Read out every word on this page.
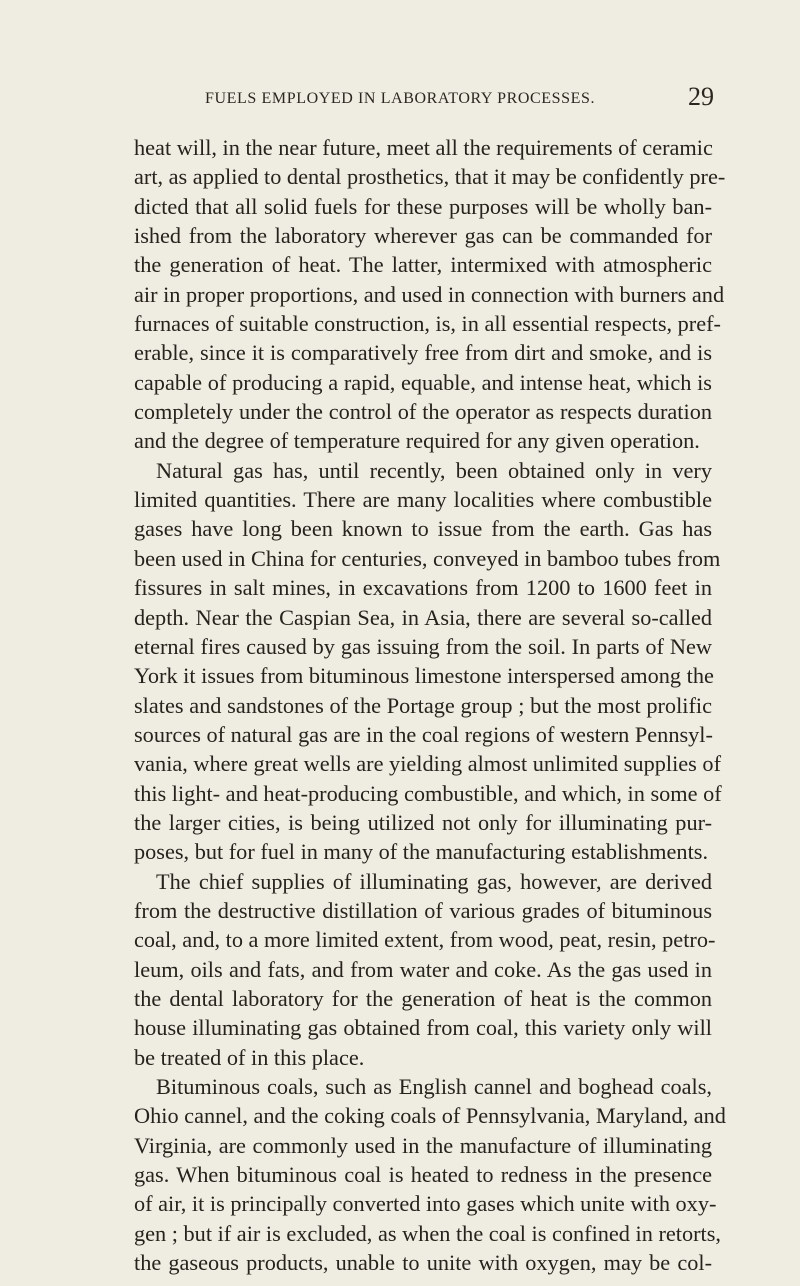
FUELS EMPLOYED IN LABORATORY PROCESSES.	29
heat will, in the near future, meet all the requirements of ceramic
art, as applied to dental prosthetics, that it may be confidently pre-
dicted that all solid fuels for these purposes will be wholly ban-
ished from the laboratory wherever gas can be commanded for
the generation of heat. The latter, intermixed with atmospheric
air in proper proportions, and used in connection with burners and
furnaces of suitable construction, is, in all essential respects, pref-
erable, since it is comparatively free from dirt and smoke, and is
capable of producing a rapid, equable, and intense heat, which is
completely under the control of the operator as respects duration
and the degree of temperature required for any given operation.
Natural gas has, until recently, been obtained only in very
limited quantities. There are many localities where combustible
gases have long been known to issue from the earth. Gas has
been used in China for centuries, conveyed in bamboo tubes from
fissures in salt mines, in excavations from 1200 to 1600 feet in
depth. Near the Caspian Sea, in Asia, there are several so-called
eternal fires caused by gas issuing from the soil. In parts of New
York it issues from bituminous limestone interspersed among the
slates and sandstones of the Portage group ; but the most prolific
sources of natural gas are in the coal regions of western Pennsyl-
vania, where great wells are yielding almost unlimited supplies of
this light- and heat-producing combustible, and which, in some of
the larger cities, is being utilized not only for illuminating pur-
poses, but for fuel in many of the manufacturing establishments.
The chief supplies of illuminating gas, however, are derived
from the destructive distillation of various grades of bituminous
coal, and, to a more limited extent, from wood, peat, resin, petro-
leum, oils and fats, and from water and coke. As the gas used in
the dental laboratory for the generation of heat is the common
house illuminating gas obtained from coal, this variety only will
be treated of in this place.
Bituminous coals, such as English cannel and boghead coals,
Ohio cannel, and the coking coals of Pennsylvania, Maryland, and
Virginia, are commonly used in the manufacture of illuminating
gas. When bituminous coal is heated to redness in the presence
of air, it is principally converted into gases which unite with oxy-
gen ; but if air is excluded, as when the coal is confined in retorts,
the gaseous products, unable to unite with oxygen, may be col-
